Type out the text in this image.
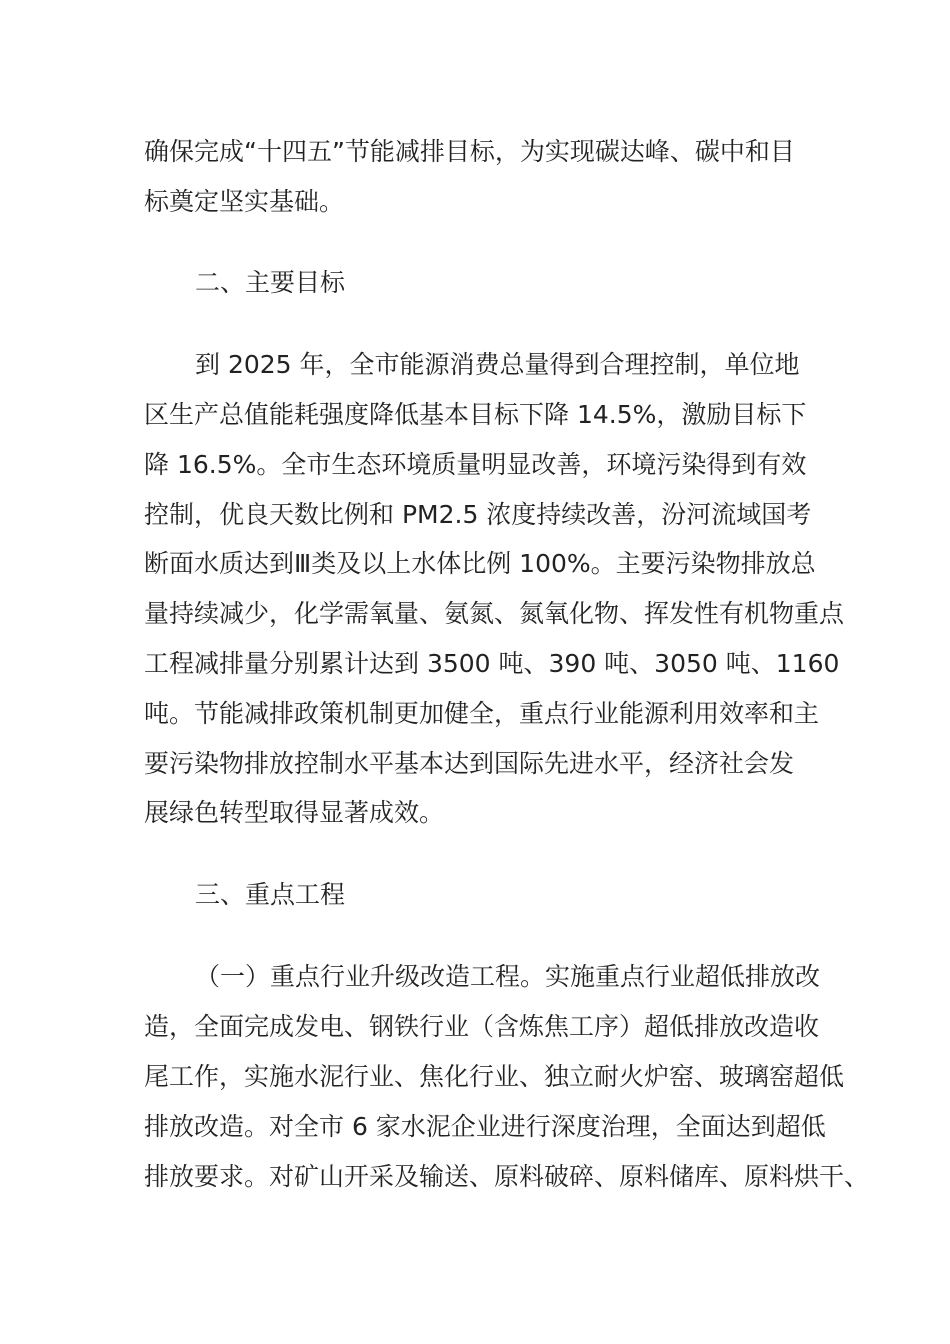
确保完成“十四五”节能减排目标，为实现碳达峰、碳中和目
标奠定坚实基础。
二、主要目标
到 2025 年，全市能源消费总量得到合理控制，单位地
区生产总值能耗强度降低基本目标下降 14.5%，激励目标下
降 16.5%。全市生态环境质量明显改善，环境污染得到有效
控制，优良天数比例和 PM2.5 浓度持续改善，汾河流域国考
断面水质达到Ⅲ类及以上水体比例 100%。主要污染物排放总
量持续减少，化学需氧量、氨氮、氮氧化物、挥发性有机物重点
工程减排量分别累计达到 3500 吨、390 吨、3050 吨、1160
吨。节能减排政策机制更加健全，重点行业能源利用效率和主
要污染物排放控制水平基本达到国际先进水平，经济社会发
展绿色转型取得显著成效。
三、重点工程
（一）重点行业升级改造工程。实施重点行业超低排放改
造，全面完成发电、钢铁行业（含炼焦工序）超低排放改造收
尾工作，实施水泥行业、焦化行业、独立耐火炉窑、玻璃窑超低
排放改造。对全市 6 家水泥企业进行深度治理，全面达到超低
排放要求。对矿山开采及输送、原料破碎、原料储库、原料烘干、
